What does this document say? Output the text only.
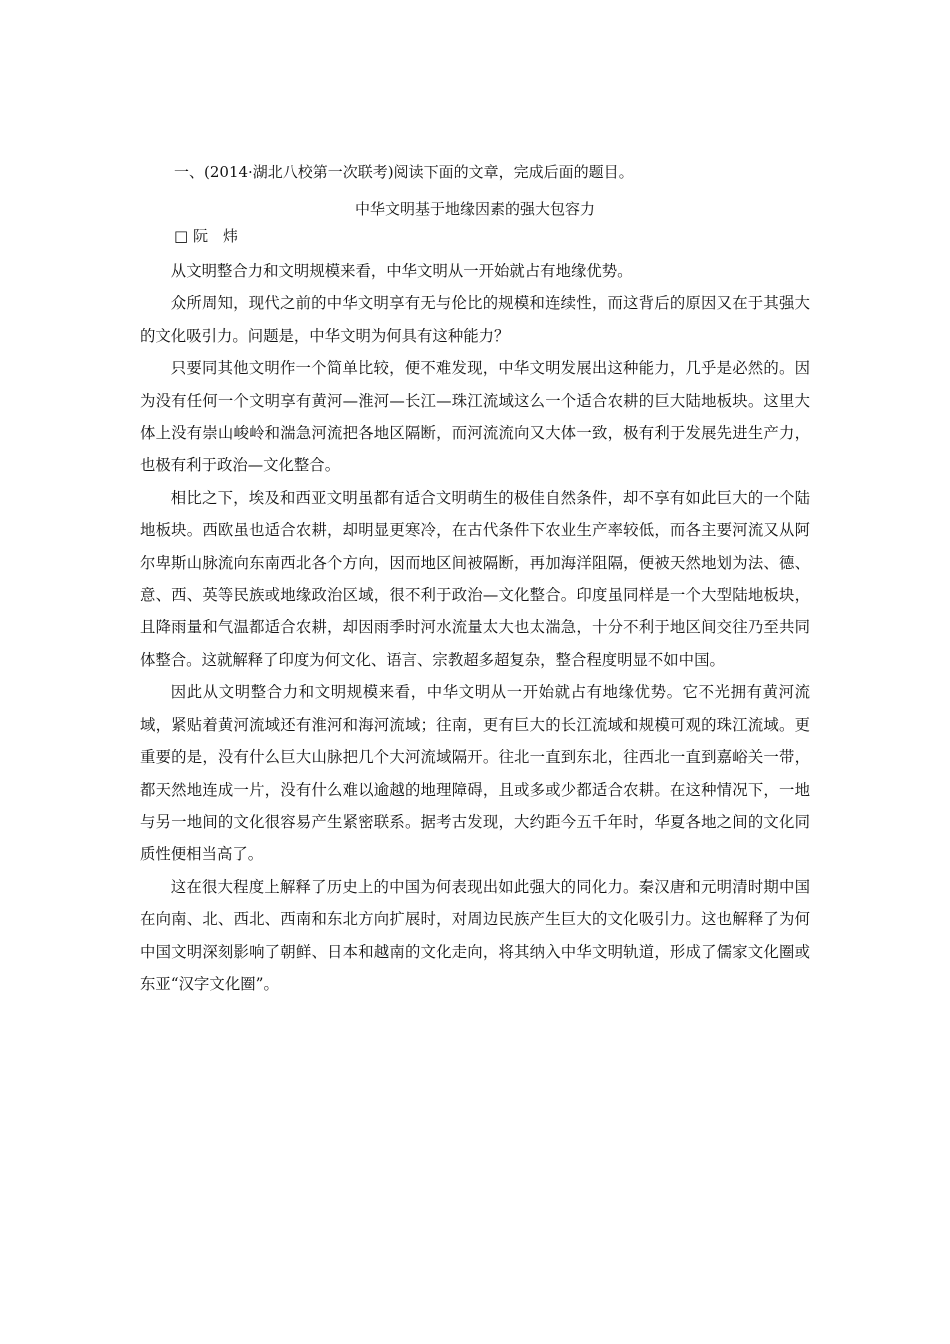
一、(2014·湖北八校第一次联考)阅读下面的文章，完成后面的题目。
中华文明基于地缘因素的强大包容力
□ 阮　炜

从文明整合力和文明规模来看，中华文明从一开始就占有地缘优势。

众所周知，现代之前的中华文明享有无与伦比的规模和连续性，而这背后的原因又在于其强大的文化吸引力。问题是，中华文明为何具有这种能力？

只要同其他文明作一个简单比较，便不难发现，中华文明发展出这种能力，几乎是必然的。因为没有任何一个文明享有黄河—淮河—长江—珠江流域这么一个适合农耕的巨大陆地板块。这里大体上没有崇山峻岭和湍急河流把各地区隔断，而河流流向又大体一致，极有利于发展先进生产力，也极有利于政治—文化整合。

相比之下，埃及和西亚文明虽都有适合文明萌生的极佳自然条件，却不享有如此巨大的一个陆地板块。西欧虽也适合农耕，却明显更寒冷，在古代条件下农业生产率较低，而各主要河流又从阿尔卑斯山脉流向东南西北各个方向，因而地区间被隔断，再加海洋阻隔，便被天然地划为法、德、意、西、英等民族或地缘政治区域，很不利于政治—文化整合。印度虽同样是一个大型陆地板块，且降雨量和气温都适合农耕，却因雨季时河水流量太大也太湍急，十分不利于地区间交往乃至共同体整合。这就解释了印度为何文化、语言、宗教超多超复杂，整合程度明显不如中国。

因此从文明整合力和文明规模来看，中华文明从一开始就占有地缘优势。它不光拥有黄河流域，紧贴着黄河流域还有淮河和海河流域；往南，更有巨大的长江流域和规模可观的珠江流域。更重要的是，没有什么巨大山脉把几个大河流域隔开。往北一直到东北，往西北一直到嘉峪关一带，都天然地连成一片，没有什么难以逾越的地理障碍，且或多或少都适合农耕。在这种情况下，一地与另一地间的文化很容易产生紧密联系。据考古发现，大约距今五千年时，华夏各地之间的文化同质性便相当高了。

这在很大程度上解释了历史上的中国为何表现出如此强大的同化力。秦汉唐和元明清时期中国在向南、北、西北、西南和东北方向扩展时，对周边民族产生巨大的文化吸引力。这也解释了为何中国文明深刻影响了朝鲜、日本和越南的文化走向，将其纳入中华文明轨道，形成了儒家文化圈或东亚“汉字文化圈”。
